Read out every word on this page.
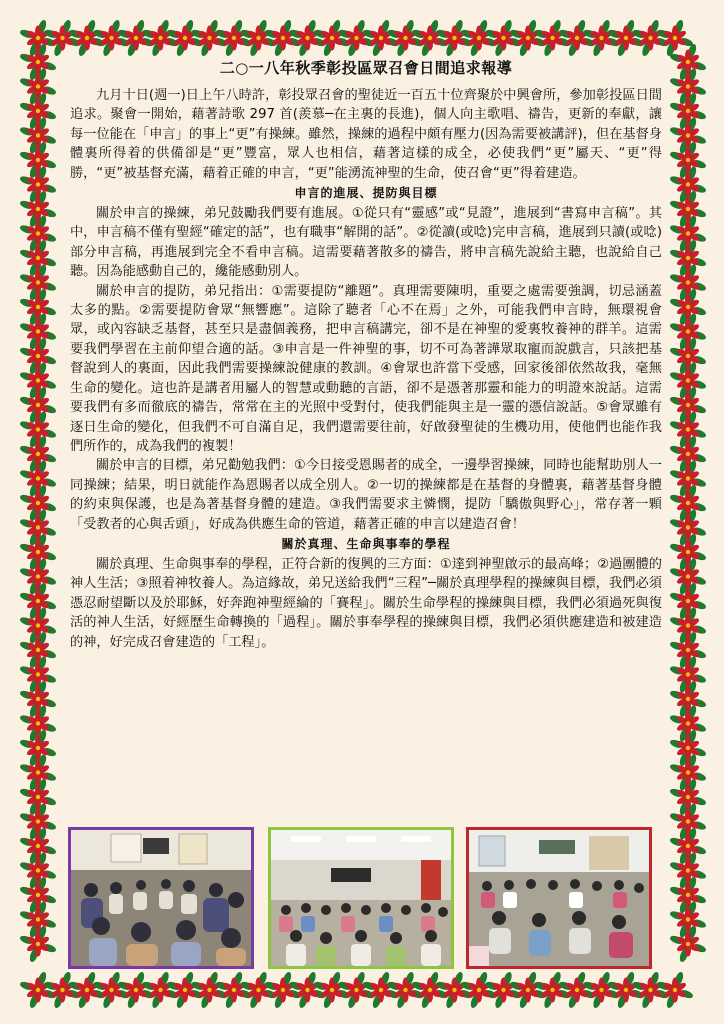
二○一八年秋季彰投區眾召會日間追求報導

九月十日(週一)日上午八時許，彰投眾召會的聖徒近一百五十位齊聚於中興會所，參加彰投區日間追求。聚會一開始，藉著詩歌 297 首(羨慕─在主裏的長進)，個人向主歌唱、禱告，更新的奉獻，讓每一位能在「申言」的事上“更”有操練。雖然，操練的過程中頗有壓力(因為需要被講評)，但在基督身體裏所得着的供備卻是“更”豐富，眾人也相信，藉著這樣的成全，必使我們“更”屬天、“更”得勝，“更”被基督充滿，藉着正確的申言，“更”能湧流神聖的生命，使召會“更”得着建造。

申言的進展、提防與目標

關於申言的操練，弟兄鼓勵我們要有進展。①從只有“靈感”或“見證”，進展到“書寫申言稿”。其中，申言稿不僅有聖經“確定的話”，也有職事“解開的話”。②從讀(或唸)完申言稿，進展到只讀(或唸)部分申言稿，再進展到完全不看申言稿。這需要藉著散多的禱告，將申言稿先說給主聽，也說給自己聽。因為能感動自己的，纔能感動別人。

關於申言的提防，弟兄指出：①需要提防“離題”。真理需要陳明，重要之處需要強調，切忌涵蓋太多的點。②需要提防會眾“無響應”。這除了聽者「心不在焉」之外，可能我們申言時，無環視會眾，或內容缺乏基督，甚至只是盡個義務，把申言稿講完，卻不是在神聖的愛裏牧養神的群羊。這需要我們學習在主前仰望合適的話。③申言是一件神聖的事，切不可為著譁眾取寵而說戲言，只該把基督說到人的裏面，因此我們需要操練說健康的教訓。④會眾也許當下受感，回家後卻依然故我，毫無生命的變化。這也許是講者用屬人的智慧或動聽的言語，卻不是憑著那靈和能力的明證來說話。這需要我們有多而徹底的禱告，常常在主的光照中受對付，使我們能與主是一靈的憑信說話。⑤會眾雖有逐日生命的變化，但我們不可自滿自足，我們還需要往前，好啟發聖徒的生機功用，使他們也能作我們所作的，成為我們的複製！

關於申言的目標，弟兄勸勉我們：①今日接受恩賜者的成全，一邊學習操練，同時也能幫助別人一同操練；結果，明日就能作為恩賜者以成全別人。②一切的操練都是在基督的身體裏，藉著基督身體的約束與保護，也是為著基督身體的建造。③我們需要求主憐憫，提防「驕傲與野心」，常存著一顆「受教者的心與舌頭」，好成為供應生命的管道，藉著正確的申言以建造召會！

關於真理、生命與事奉的學程

關於真理、生命與事奉的學程，正符合新的復興的三方面：①達到神聖啟示的最高峰；②過團體的神人生活；③照着神牧養人。為這緣故，弟兄送給我們“三程”─關於真理學程的操練與目標，我們必須憑忍耐望斷以及於耶穌，好奔跑神聖經綸的「賽程」。關於生命學程的操練與目標，我們必須過死與復活的神人生活，好經歷生命轉換的「過程」。關於事奉學程的操練與目標，我們必須供應建造和被建造的神，好完成召會建造的「工程」。
